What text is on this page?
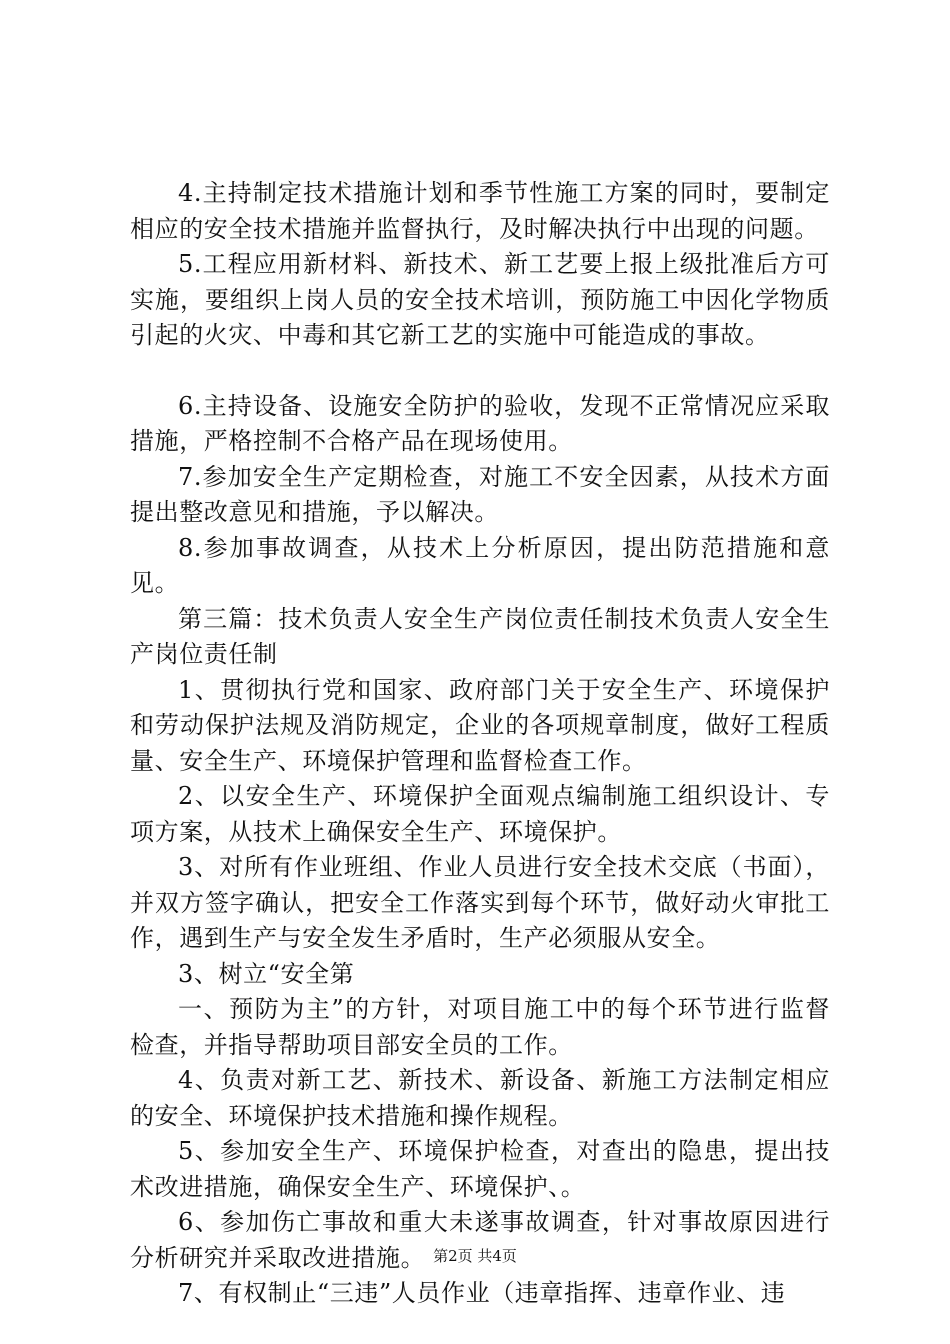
4.主持制定技术措施计划和季节性施工方案的同时，要制定相应的安全技术措施并监督执行，及时解决执行中出现的问题。

5.工程应用新材料、新技术、新工艺要上报上级批准后方可实施，要组织上岗人员的安全技术培训，预防施工中因化学物质引起的火灾、中毒和其它新工艺的实施中可能造成的事故。

6.主持设备、设施安全防护的验收，发现不正常情况应采取措施，严格控制不合格产品在现场使用。

7.参加安全生产定期检查，对施工不安全因素，从技术方面提出整改意见和措施，予以解决。

8.参加事故调查，从技术上分析原因，提出防范措施和意见。

第三篇：技术负责人安全生产岗位责任制技术负责人安全生产岗位责任制

1、贯彻执行党和国家、政府部门关于安全生产、环境保护和劳动保护法规及消防规定，企业的各项规章制度，做好工程质量、安全生产、环境保护管理和监督检查工作。

2、以安全生产、环境保护全面观点编制施工组织设计、专项方案，从技术上确保安全生产、环境保护。

3、对所有作业班组、作业人员进行安全技术交底（书面），并双方签字确认，把安全工作落实到每个环节，做好动火审批工作，遇到生产与安全发生矛盾时，生产必须服从安全。

3、树立“安全第

一、预防为主”的方针，对项目施工中的每个环节进行监督检查，并指导帮助项目部安全员的工作。

4、负责对新工艺、新技术、新设备、新施工方法制定相应的安全、环境保护技术措施和操作规程。

5、参加安全生产、环境保护检查，对查出的隐患，提出技术改进措施，确保安全生产、环境保护、。

6、参加伤亡事故和重大未遂事故调查，针对事故原因进行分析研究并采取改进措施。

7、有权制止“三违”人员作业（违章指挥、违章作业、违

第2页 共4页
